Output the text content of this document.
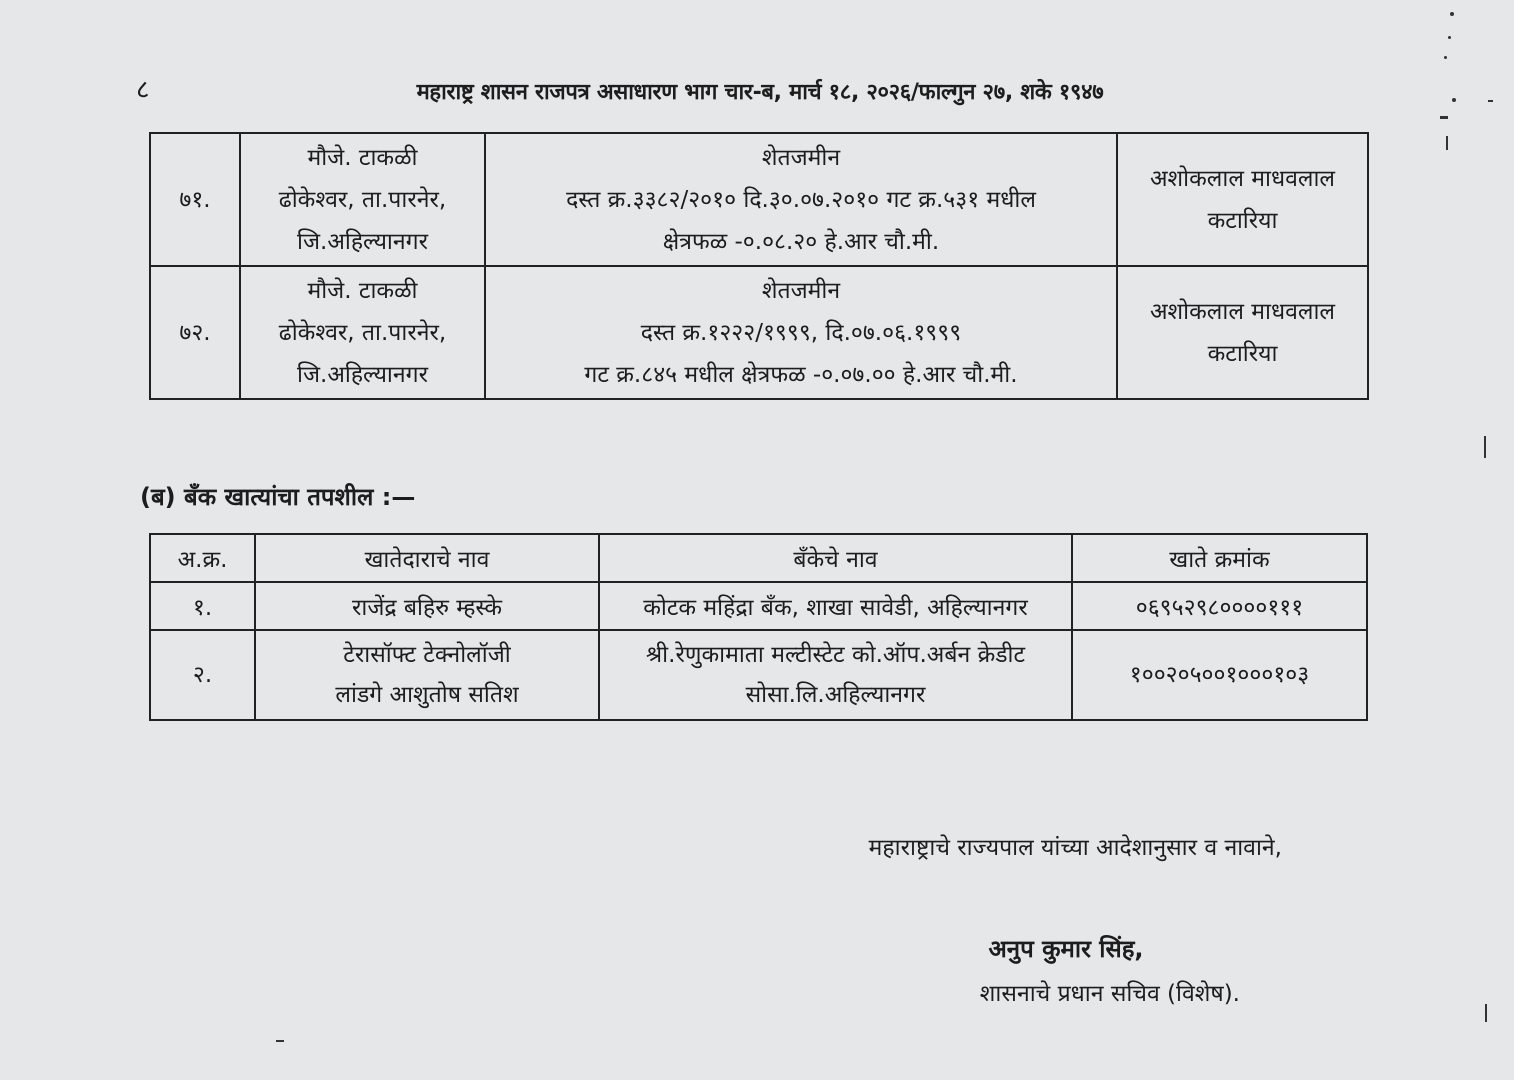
८	महाराष्ट्र शासन राजपत्र असाधारण भाग चार-ब, मार्च १८, २०२६/फाल्गुन २७, शके १९४७
७१.	मौजे. टाकळी
ढोकेश्वर, ता.पारनेर,
जि.अहिल्यानगर	शेतजमीन
दस्त क्र.३३८२/२०१० दि.३०.०७.२०१० गट क्र.५३१ मधील
क्षेत्रफळ -०.०८.२० हे.आर चौ.मी.	अशोकलाल माधवलाल
कटारिया

७२.	मौजे. टाकळी
ढोकेश्वर, ता.पारनेर,
जि.अहिल्यानगर	शेतजमीन
दस्त क्र.१२२२/१९९९, दि.०७.०६.१९९९
गट क्र.८४५ मधील क्षेत्रफळ -०.०७.०० हे.आर चौ.मी.	अशोकलाल माधवलाल
कटारिया
(ब) बँक खात्यांचा तपशील :—
अ.क्र.	खातेदाराचे नाव	बँकेचे नाव	खाते क्रमांक
१.	राजेंद्र बहिरु म्हस्के	कोटक महिंद्रा बँक, शाखा सावेडी, अहिल्यानगर	०६९५२९८००००१११
२.	टेरासॉफ्ट टेक्नोलॉजी
लांडगे आशुतोष सतिश	श्री.रेणुकामाता मल्टीस्टेट को.ऑप.अर्बन क्रेडीट
सोसा.लि.अहिल्यानगर	१००२०५००१०००१०३
महाराष्ट्राचे राज्यपाल यांच्या आदेशानुसार व नावाने,
अनुप कुमार सिंह,
शासनाचे प्रधान सचिव (विशेष).
